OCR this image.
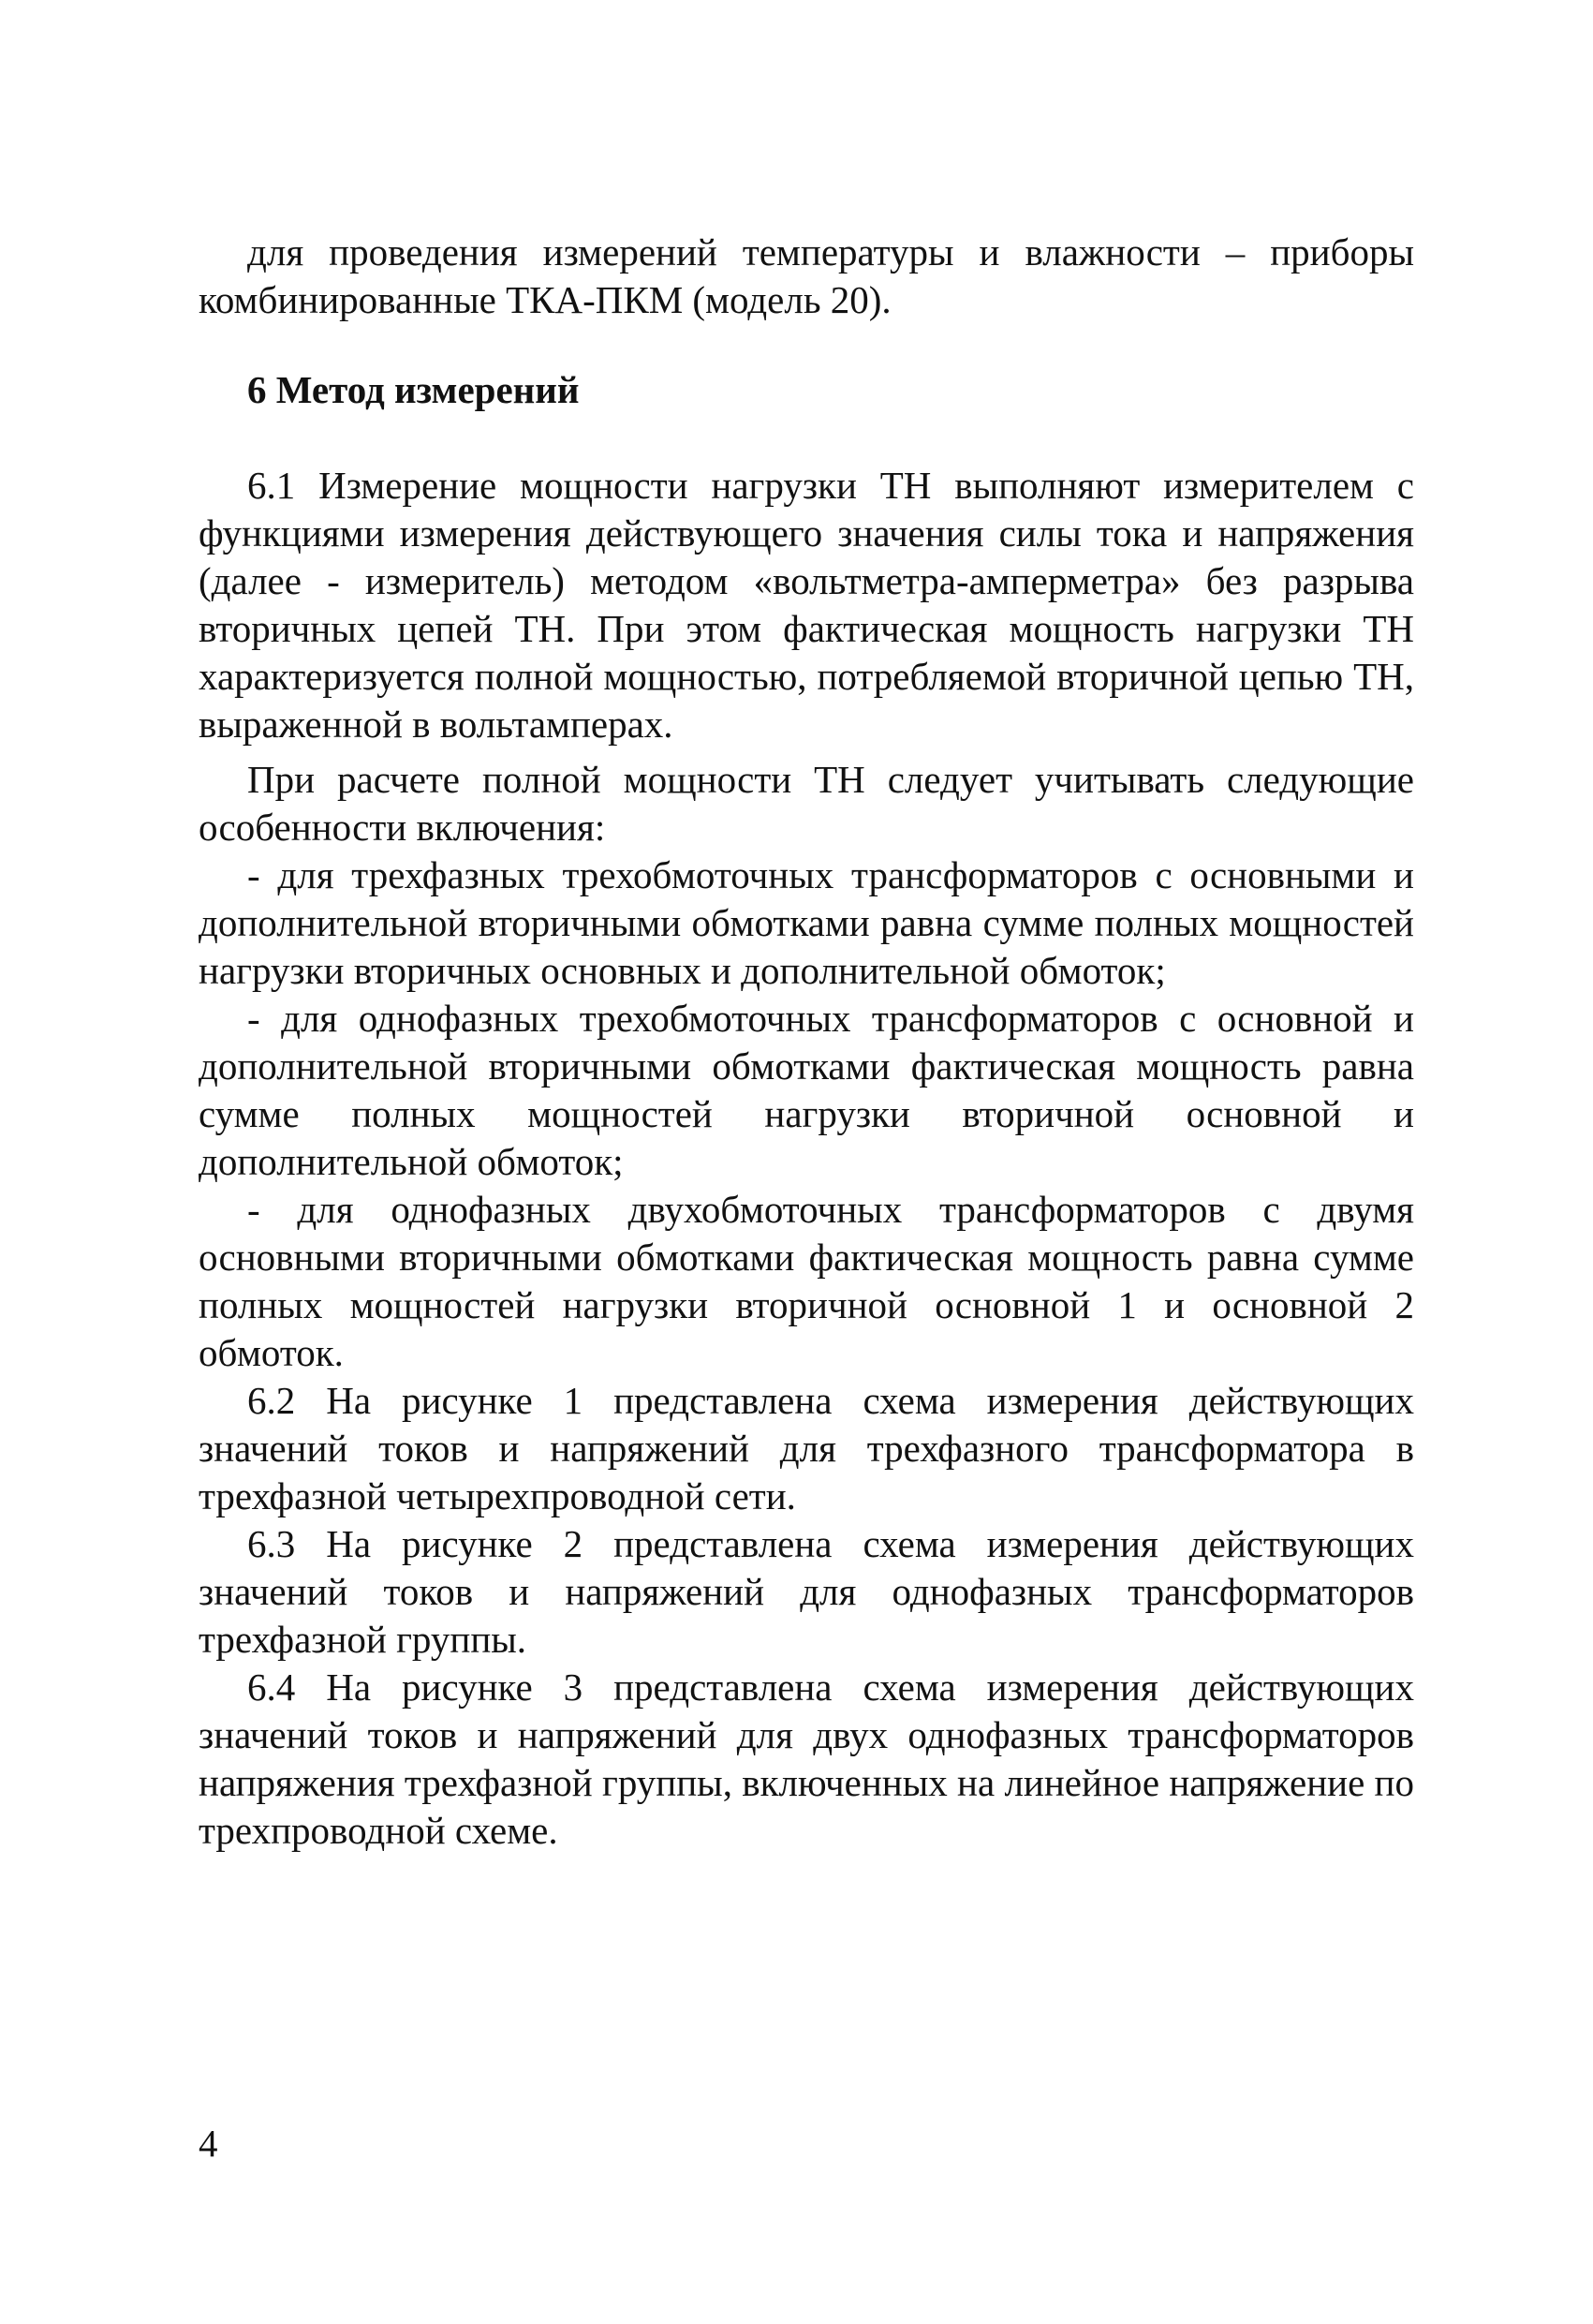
для проведения измерений температуры и влажности – приборы комбинированные ТКА-ПКМ (модель 20).

6 Метод измерений

6.1 Измерение мощности нагрузки ТН выполняют измерителем с функциями измерения действующего значения силы тока и напряжения (далее - измеритель) методом «вольтметра-амперметра» без разрыва вторичных цепей ТН. При этом фактическая мощность нагрузки ТН характеризуется полной мощностью, потребляемой вторичной цепью ТН, выраженной в вольтамперах.

При расчете полной мощности ТН следует учитывать следующие особенности включения:

- для трехфазных трехобмоточных трансформаторов с основными и дополнительной вторичными обмотками равна сумме полных мощностей нагрузки вторичных основных и дополнительной обмоток;

- для однофазных трехобмоточных трансформаторов с основной и дополнительной вторичными обмотками фактическая мощность равна сумме полных мощностей нагрузки вторичной основной и дополнительной обмоток;

- для однофазных двухобмоточных трансформаторов с двумя основными вторичными обмотками фактическая мощность равна сумме полных мощностей нагрузки вторичной основной 1 и основной 2 обмоток.

6.2 На рисунке 1 представлена схема измерения действующих значений токов и напряжений для трехфазного трансформатора в трехфазной четырехпроводной сети.

6.3 На рисунке 2 представлена схема измерения действующих значений токов и напряжений для однофазных трансформаторов трехфазной группы.

6.4 На рисунке 3 представлена схема измерения действующих значений токов и напряжений для двух однофазных трансформаторов напряжения трехфазной группы, включенных на линейное напряжение по трехпроводной схеме.

4
